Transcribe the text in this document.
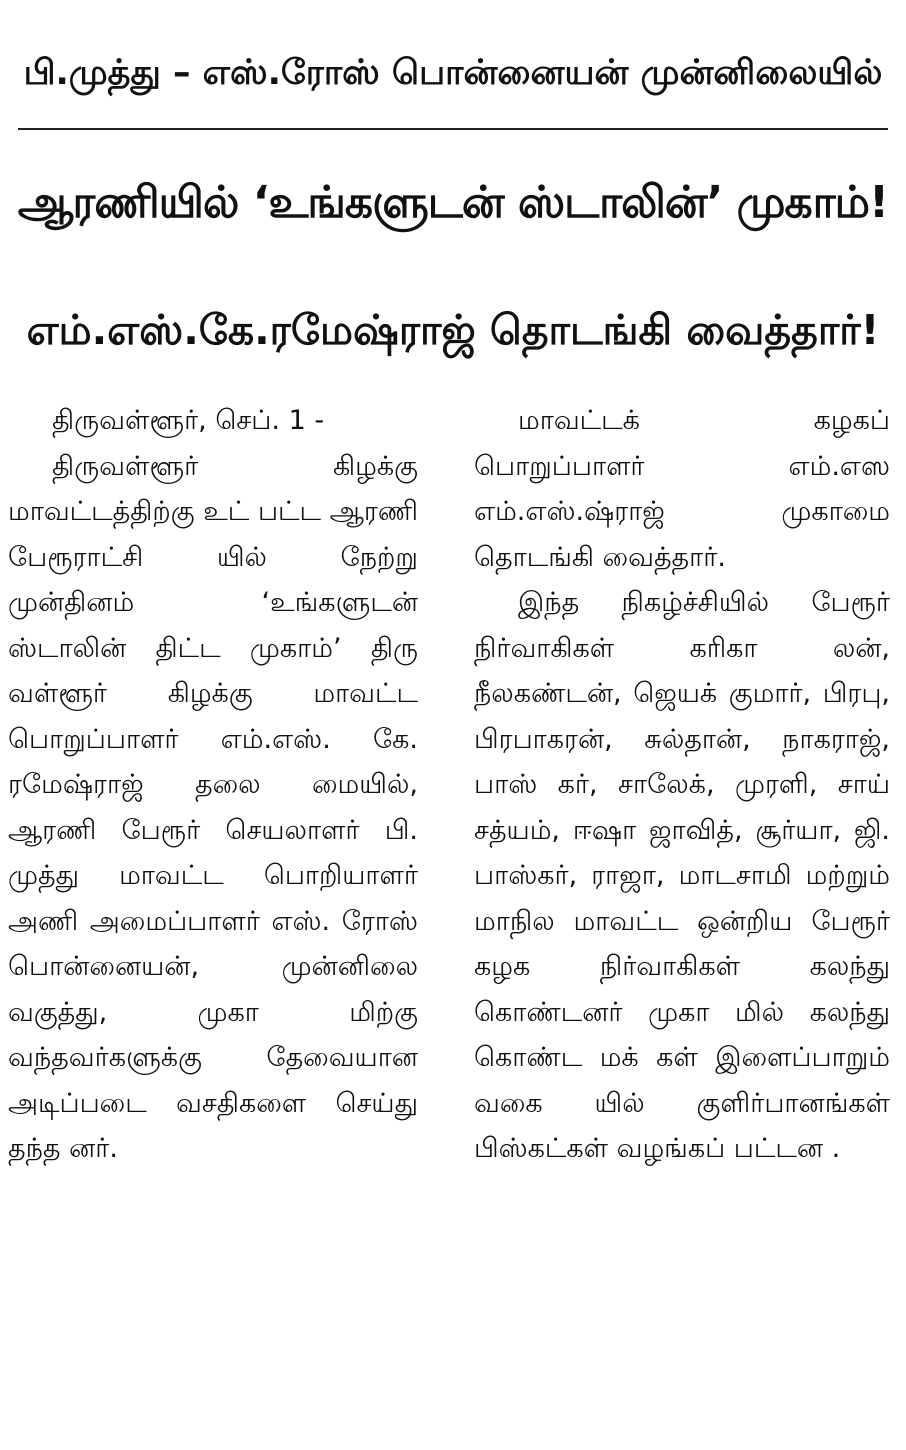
பி.முத்து – எஸ்.ரோஸ் பொன்னையன் முன்னிலையில்
ஆரணியில் ‘உங்களுடன் ஸ்டாலின்’ முகாம்!
எம்.எஸ்.கே.ரமேஷ்ராஜ் தொடங்கி வைத்தார்!

திருவள்ளூர், செப். 1 -

திருவள்ளூர் கிழக்கு மாவட்டத்திற்கு உட் பட்ட ஆரணி பேரூராட்சி யில் நேற்று முன்தினம் ‘உங்களுடன் ஸ்டாலின் திட்ட முகாம்’ திரு வள்ளூர் கிழக்கு மாவட்ட பொறுப்பாளர் எம்.எஸ். கே. ரமேஷ்ராஜ் தலை மையில், ஆரணி பேரூர் செயலாளர் பி. முத்து மாவட்ட பொறியாளர் அணி அமைப்பாளர் எஸ். ரோஸ் பொன்னையன், முன்னிலை வகுத்து, முகா மிற்கு வந்தவர்களுக்கு தேவையான அடிப்படை வசதிகளை செய்து தந்த னர்.

மாவட்டக் கழகப் பொறுப்பாளர் எம்.எஸ எம்.எஸ்.ஷ்ராஜ் முகாமை தொடங்கி வைத்தார்.

இந்த நிகழ்ச்சியில் பேரூர் நிர்வாகிகள் கரிகா லன், நீலகண்டன், ஜெயக் குமார், பிரபு, பிரபாகரன், சுல்தான், நாகராஜ், பாஸ் கர், சாலேக், முரளி, சாய் சத்யம், ஈஷா ஜாவித், சூர்யா, ஜி. பாஸ்கர், ராஜா, மாடசாமி மற்றும் மாநில மாவட்ட ஒன்றிய பேரூர் கழக நிர்வாகிகள் கலந்து கொண்டனர் முகா மில் கலந்து கொண்ட மக் கள் இளைப்பாறும் வகை யில் குளிர்பானங்கள் பிஸ்கட்கள் வழங்கப் பட்டன .
